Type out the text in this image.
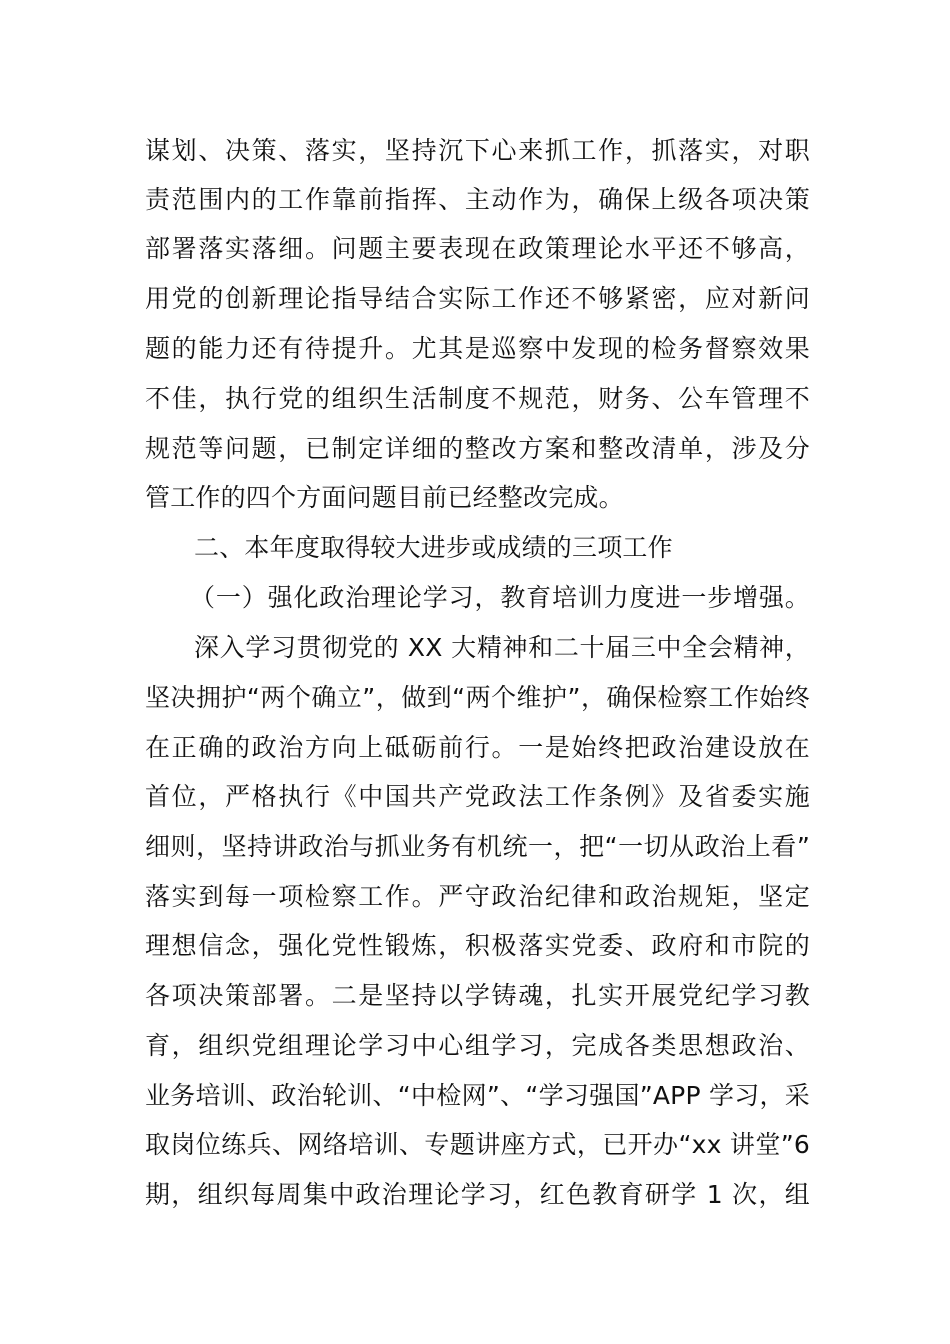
谋划、决策、落实，坚持沉下心来抓工作，抓落实，对职
责范围内的工作靠前指挥、主动作为，确保上级各项决策
部署落实落细。问题主要表现在政策理论水平还不够高，
用党的创新理论指导结合实际工作还不够紧密，应对新问
题的能力还有待提升。尤其是巡察中发现的检务督察效果
不佳，执行党的组织生活制度不规范，财务、公车管理不
规范等问题，已制定详细的整改方案和整改清单，涉及分
管工作的四个方面问题目前已经整改完成。
二、本年度取得较大进步或成绩的三项工作
（一）强化政治理论学习，教育培训力度进一步增强。
深入学习贯彻党的 XX 大精神和二十届三中全会精神，
坚决拥护“两个确立”，做到“两个维护”，确保检察工作始终
在正确的政治方向上砥砺前行。一是始终把政治建设放在
首位，严格执行《中国共产党政法工作条例》及省委实施
细则，坚持讲政治与抓业务有机统一，把“一切从政治上看”
落实到每一项检察工作。严守政治纪律和政治规矩，坚定
理想信念，强化党性锻炼，积极落实党委、政府和市院的
各项决策部署。二是坚持以学铸魂，扎实开展党纪学习教
育，组织党组理论学习中心组学习，完成各类思想政治、
业务培训、政治轮训、“中检网”、“学习强国”APP 学习，采
取岗位练兵、网络培训、专题讲座方式，已开办“xx 讲堂”6
期，组织每周集中政治理论学习，红色教育研学 1 次，组
